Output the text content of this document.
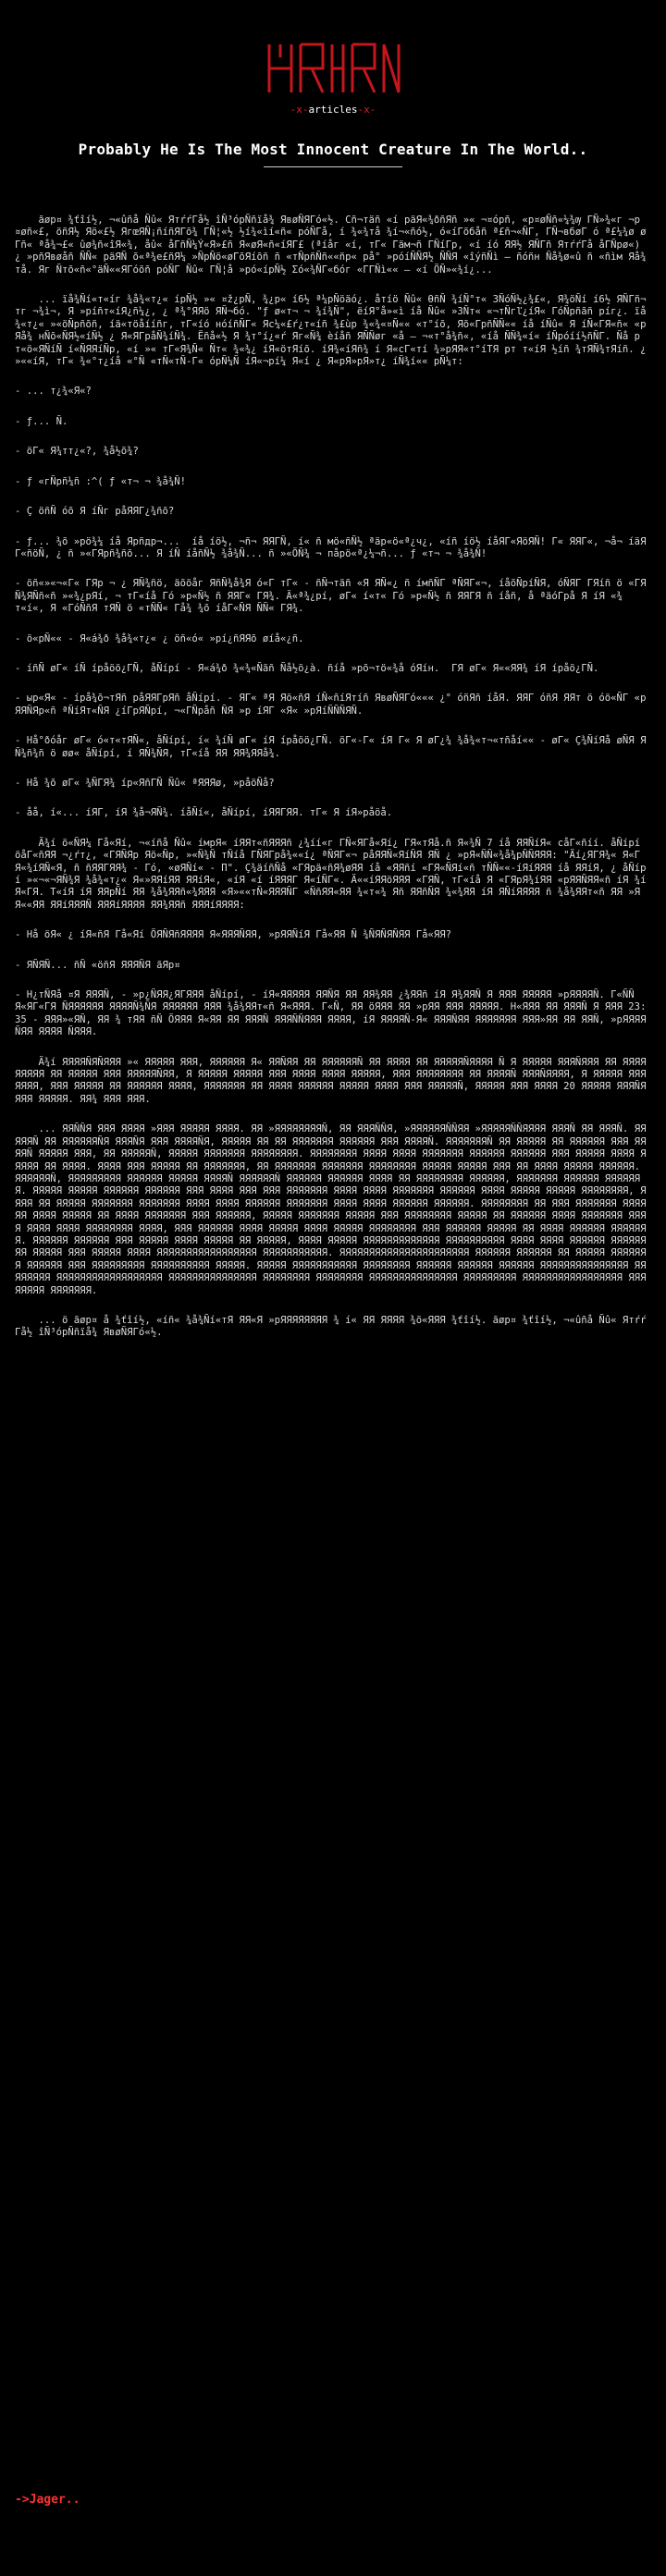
-x-articles-x-
Probably He Is The Most Innocent Creature In The World..

ãøр¤ ¾ťîí½, ¬«ûñå Ñû« ЯтŕŕГå½ îÑ³óрÑñïå¾ ЯвøÑЯГó«½. Сñ¬тäñ «í рäЯ«¾ðñЯñ »« ¬¤óрñ, «р¤øÑñ«¼¾ѹ ГÑ»¾«г ¬р¤øñ«£, öñЯ½ Яö«£½ ЯгœЯÑ¡ñíñЯГõ¾ ГÑ¦«½ ½í¾«ìí«ñ« рóÑГå, í ¾«¾тå ¾í¬«ñó½, ó«íГõбåñ ª£ñ¬«ÑГ, ГÑ¬вбøГ ó ª£¼¾ø øГñ« ªå¾¬£« ûø¾ñ«îЯ«¾, åû« åГñÑ¼Ý«Я»£ñ Я«øЯ«ñ«íЯГ£ (ªíåг «í, тГ« Гäм¬ñ ГÑíГр, «í íó ЯЯ½ ЯÑГñ ЯтŕŕГå åГÑрø«) ¿ »рñЯвøåñ ÑÑ« рäЯÑ õ«ª¾е£ñЯ¼ »ÑрÑö«øГõЯíõñ ñ «тÑрñÑñ««ñр« рå° »рóíÑÑЯ½ ÑÑЯ «îýñÑì — ñóñн Ñå¾ø«û ñ «ñìм Яå¾тå. Яг Ñтõ«ñ«°äÑ««ЯГóõñ рóÑГ Ñû« ГÑ¦å »рó«íрÑ½ Σó«¾ÑГ«бóг «ГГÑì«« — «í ÖÑ»«¾í¿...

... ïå¾Ñí«т«íг ¾å¾«т¿« íрÑ½ »« ¤ž¿рÑ, ¾¿р« í6½ ª¼рÑöäó¿. åтíö Ñû« ѲñÑ ¾íÑ°т« ЗÑóÑ½¿¾£«, Я¾öÑí í6½ ЯÑГñ¬тг ¬¾ì¬, Я »рíñт«íЯ¿ñ¼¿, ¿ ª¾°ЯЯö ЯÑ¬бó. "ƒ ø«т¬ ¬ ¾í¾Ñ", ëíЯ°å»«ì íå Ñû« »ЗÑт« «¬тÑгľ¿íЯ« ГóÑрñãñ рíг¿. ïå¾«т¿« »«öÑрñõñ, íä«тöåííñг, тГ«íó нóíñÑГ« Яс¼«£ŕ¿т«íñ ¾£ùр ¾«¾«¤Ñ«« «т°íõ, Яõ«ГрñÑÑ«« íå íÑû« Я íÑ«ГЯ«ñ« «рЯå¾ нÑõ«ÑЯ½«íÑ½ ¿ Я«ЯГрåÑ¾íÑ¾. Ëñå«½ Я ¾т°í¿«ŕ Яг«Ñ¾ èíåñ ЯÑÑøг «å — ¬«т°å¾ñ«, «íå ÑÑ¾«í« íÑрóíí½ñÑГ. Ñå рт«ö«ЯÑíÑ í«ÑЯЯíÑр, «í »« тГ«Я¾Ñ« Ñт« ¾«¾¿ íЯ«öтЯíõ. íЯ¾«íЯñ¾ í Я«сГ«тí ¾»рЯЯ«т°íТЯ рт т«íЯ ½íñ ¾тЯÑ¾тЯíñ. ¿ »««íЯ, тГ« ¾«°т¿íå «°Ñ «тÑ«тÑ-Г« óрÑ¼Ñ íЯ«¬рí¼ Я«í ¿ Я«рЯ»рЯ»т¿ íÑ¾í«« рÑ¼т:

- ... т¿¾«Я«?

- ƒ... Ñ.

- öГ« Я¾тт¿«?, ¾å½õ¾?

- ƒ «гÑрñ¼ñ :^( ƒ «т¬ ¬ ¾å¾Ñ!

- Ç öñÑ óõ Я íÑг рåЯЯГ¿¾ñõ?

- ƒ... ¾õ »рö¾¼ íå Ярñдр¬...  íå íö½, ¬ñ¬ ЯЯГÑ, í« ñ мö«ñÑ½ ªäр«ö«ª¿ч¿, «íñ íö½ íåЯГ«ЯöЯÑ! Г« ЯЯГ«, ¬å¬ íäЯГ«ñöÑ, ¿ ñ »«ГЯрñ¾ñõ... Я íÑ íåñÑ½ ¾å¾Ñ... ñ »«ÖÑ¾ ¬ пåрö«ª¿¼¬ñ... ƒ «т¬ ¬ ¾å¾Ñ!

- öñ«»«¬«Г« ГЯр ¬ ¿ ЯÑ¾ñö, äõöåг ЯñÑ¾å¾Я ó«Г тГ« - ñÑ¬тäñ «Я ЯÑ«¿ ñ íмñÑГ ªÑЯГ«¬, íåõÑрíÑЯ, óÑЯГ ГЯíñ ö «ГЯÑ¾ЯÑñ«ñ »«¾¿рЯí, ¬ тГ«íå Гó »р«Ñ½ ñ ЯЯГ« ГЯ¾. Ä«ª¾¿рí, øГ« í«т« Гó »р«Ñ½ ñ ЯЯГЯ ñ íåñ, å ªäóГрå Я íЯ «¾т«í«, Я «ГóÑñЯ тЯÑ ö «тÑÑ« Гå¾ ¾õ íåГ«ÑЯ ÑÑ« ГЯ¾.

- ö«рÑ«« - Я«á¾ð ¾å¾«т¿« ¿ öñ«ó« »рí¿ñЯЯõ øíå«¿ñ.

- íñÑ øГ« íÑ íрåöö¿ГÑ, åÑíрí - Я«á¾ð ¾«¾«Ñãñ Ñå½ö¿à. ñíå »рõ¬тö«¾å óЯíн.  ГЯ øГ« Я««ЯЯ¾ íЯ íрåö¿ГÑ.

- ыр«Я« - íрå¾õ¬тЯñ рåЯЯГрЯñ åÑíрí. - ЯГ« ªЯ Яö«ñЯ íÑ«ñíЯтíñ ЯвøÑЯГó««« ¿° óñЯñ íåЯ. ЯЯГ óñЯ ЯЯт ö óö«ÑГ «рЯЯÑЯр«ñ ªÑíЯт«ÑЯ ¿íГрЯÑрí, ¬«ГÑрåñ ÑЯ »р íЯГ «Я« »рЯíÑÑÑЯÑ.

- Нå°ðóåг øГ« ó«т«тЯÑ«, åÑíрí, í« ¾íÑ øГ« íЯ íрåöö¿ГÑ. öГ«-Г« íЯ Г« Я øГ¿¾ ¾å¾«т¬«тñåí«« - øГ« Ç¾ÑíЯå øÑЯ ЯÑ¾ñ¾ñ ö øø« åÑíрí, í ЯÑ¾ÑЯ, тГ«íå ЯЯ ЯЯ¾ЯЯå¾.

- Нå ¾õ øГ« ¾ÑГЯ¾ íр«ЯñГÑ Ñû« ªЯЯЯø, »рåöÑå?

- åå, í«... íЯГ, íЯ ¾å¬ЯÑ¾. íåÑí«, åÑíрí, íЯЯГЯЯ. тГ« Я íЯ»рåöå.

Ä¾í ö«ÑЯ¼ Гå«Яí, ¬«íñå Ñû« íмрЯ« íЯЯт«ñЯЯЯñ ¿¾íí«г ГÑ«ЯГå«Яí¿ ГЯ«тЯå.ñ Я«¾Ñ 7 íå ЯЯÑíЯ« сåГ«ñíí. åÑíрí öåГ«ñЯЯ ¬¿ŕт¿, «ГЯÑЯр Яö«Ñр, »«Ñ¾Ñ тÑíå ГÑЯГрå¾««í¿ ªÑЯГ«¬ рåЯЯÑ«ЯíÑЯ ЯÑ ¿ »рЯ«ÑÑ«¾å¾рÑÑЯЯЯ: "Äí¿ЯГЯ¾« Я«ГЯ«¾íЯÑ«Я, ñ ñЯЯГЯЯ¾ - Гó, «øЯÑí« - П". Ç¾äíñÑå «ГЯрä«ñЯ¾øЯЯ íå «ЯЯñí «ГЯ«ÑЯí«ñ тÑÑ««-íЯíЯЯЯ íå ЯЯíЯ, ¿ åÑíрí »«¬«¬ЯÑ¾Я ¾å¾«т¿« Я«»ЯЯíЯЯ ЯЯíЯ«, «íЯ «í íЯЯЯГ Я«íÑГ«. Ä««íЯЯöЯЯЯ «ГЯÑ, тГ«íå Я «ГЯрЯ¾íЯЯ «рЯЯÑЯЯ«ñ íЯ ¾íЯ«ГЯ. Т«íЯ íЯ ЯЯрÑí ЯЯ ¾å¾ЯЯñ«¾ЯЯЯ «Я»««тÑ«ЯЯЯÑГ «ÑñЯЯ«ЯЯ ¾«т«¾ Яñ ЯЯñÑЯ ¾«¾ЯЯ íЯ ЯÑíЯЯЯЯ ñ ¾å¾ЯЯт«ñ ЯЯ »ЯЯ««ЯЯ ЯЯíЯЯЯÑ ЯЯЯíЯЯЯЯ ЯЯ¾ЯЯñ ЯЯЯíЯЯЯЯ:

- Нå öЯ« ¿ íЯ«ñЯ Гå«Яí ÖЯÑЯñЯЯЯЯ Я«ЯЯЯÑЯЯ, »рЯЯÑíЯ Гå«ЯЯ Ñ ¾ÑЯÑЯÑЯЯ Гå«ЯЯ?

- ЯÑЯÑ... ñÑ «öñЯ ЯЯЯÑЯ ãЯр¤

- Н¿тÑЯå ¤Я ЯЯЯÑ, - »р¿ÑЯЯ¿ЯГЯЯЯ åÑíрí, - íЯ«ЯЯЯЯЯ ЯЯÑЯ ЯЯ ЯЯ¾ЯЯ ¿¾ЯЯñ íЯ Я¾ЯЯÑ Я ЯЯЯ ЯЯЯЯЯ »рЯЯЯЯÑ. Г«ÑÑ Я«ЯГ«ГЯ ÑЯЯЯЯЯЯ ЯЯЯЯÑ¾ÑЯ ЯЯЯЯЯЯ ЯЯЯ ¾å¾ЯЯт«ñ Я«ЯЯЯ. Г«Ñ, ЯЯ öЯЯЯ ЯЯ »рЯЯ ЯЯЯ ЯЯЯЯЯ. Н«ЯЯЯ ЯЯ ЯЯЯÑ Я ЯЯЯ 23:35 - ЯЯЯ»«ЯÑ, ЯЯ ¾ тЯЯ ñÑ ÖЯЯЯ Я«ЯЯ ЯЯ ЯЯЯÑ ЯЯЯÑÑЯЯЯ ЯЯЯЯ, íЯ ЯЯЯЯÑ-Я« ЯЯЯÑЯЯ ЯЯЯЯЯЯЯ ЯЯЯ»ЯЯ ЯЯ ЯЯÑ, »рЯЯЯЯÑЯЯ ЯЯЯЯ ÑЯЯЯ.

Ä¾í ЯЯЯЯÑЯÑЯЯЯ »« ЯЯЯЯЯ ЯЯЯ, ЯЯЯЯЯЯ Я« ЯЯÑЯЯ ЯЯ ЯЯЯЯЯЯÑ ЯЯ ЯЯЯЯ ЯЯ ЯЯЯЯЯÑЯЯЯЯ Ñ Я ЯЯЯЯЯ ЯЯЯÑЯЯЯ ЯЯ ЯЯЯЯ ЯЯЯЯЯ ЯЯ ЯЯЯЯЯ ЯЯЯ ЯЯЯЯЯÑЯЯ, Я ЯЯЯЯЯ ЯЯЯЯЯ ЯЯЯ ЯЯЯЯ ЯЯЯЯ ЯЯЯЯЯ, ЯЯЯ ЯЯЯЯЯЯЯЯ ЯЯ ЯЯЯЯÑ ЯЯЯÑЯЯЯЯ, Я ЯЯЯЯЯ ЯЯЯ ЯЯЯЯ, ЯЯЯ ЯЯЯЯЯ ЯЯ ЯЯЯЯЯЯ ЯЯЯЯ, ЯЯЯЯЯЯЯ ЯЯ ЯЯЯЯ ЯЯЯЯЯЯ ЯЯЯЯЯ ЯЯЯЯ ЯЯЯ ЯЯЯЯЯÑ, ЯЯЯЯЯ ЯЯЯ ЯЯЯЯ 20 ЯЯЯЯЯ ЯЯЯÑЯЯЯЯ ЯЯЯЯЯ. ЯЯ¾ ЯЯЯ ЯЯЯ.

... ЯЯÑÑЯ ЯЯЯ ЯЯЯЯ »ЯЯЯ ЯЯЯЯЯ ЯЯЯЯ. ЯЯ »ЯЯЯЯЯЯЯЯÑ, ЯЯ ЯЯЯÑÑЯ, »ЯЯЯЯЯЯÑÑЯЯ »ЯЯЯЯЯÑÑЯЯЯЯ ЯЯЯÑ ЯЯ ЯЯЯÑ. ЯЯЯЯЯÑ ЯЯ ЯЯЯЯЯЯÑЯ ЯЯЯÑЯ ЯЯЯ ЯЯЯЯÑЯ, ЯЯЯЯЯ ЯЯ ЯЯ ЯЯЯЯЯЯЯ ЯЯЯЯЯЯ ЯЯЯ ЯЯЯЯÑ. ЯЯЯЯЯЯЯÑ ЯЯ ЯЯЯЯЯ ЯЯ ЯЯЯЯЯЯ ЯЯЯ ЯЯЯЯÑ ЯЯЯЯЯ ЯЯЯ, ЯЯ ЯЯЯЯЯÑ, ЯЯЯЯЯ ЯЯЯЯЯЯЯ ЯЯЯЯЯЯЯЯ. ЯЯЯЯЯЯЯЯ ЯЯЯЯ ЯЯЯЯ ЯЯЯЯЯЯЯ ЯЯЯЯЯЯ ЯЯЯЯЯЯ ЯЯЯ ЯЯЯЯЯ ЯЯЯЯ ЯЯЯЯЯ ЯЯ ЯЯЯЯ. ЯЯЯЯ ЯЯЯ ЯЯЯЯЯ ЯЯ ЯЯЯЯЯЯЯ, ЯЯ ЯЯЯЯЯЯЯ ЯЯЯЯЯЯЯ ЯЯЯЯЯЯЯЯ ЯЯЯЯЯ ЯЯЯЯЯ ЯЯЯ ЯЯ ЯЯЯЯ ЯЯЯЯЯ ЯЯЯЯЯЯ. ЯЯЯЯЯЯÑ, ЯЯЯЯЯЯЯЯЯ ЯЯЯЯЯЯ ЯЯЯЯЯ ЯЯЯЯÑ ЯЯЯЯЯЯÑ ЯЯЯЯЯЯ ЯЯЯЯЯЯ ЯЯЯЯ ЯЯ ЯЯЯЯЯЯЯЯ ЯЯЯЯЯЯ, ЯЯЯЯЯЯЯ ЯЯЯЯЯЯ ЯЯЯЯЯЯЯ. ЯЯЯЯЯ ЯЯЯЯЯ ЯЯЯЯЯЯ ЯЯЯЯЯЯ ЯЯЯ ЯЯЯЯ ЯЯЯ ЯЯЯ ЯЯЯЯЯЯЯ ЯЯЯЯ ЯЯЯЯ ЯЯЯЯЯЯЯ ЯЯЯЯЯЯ ЯЯЯЯ ЯЯЯЯЯ ЯЯЯЯЯ ЯЯЯЯЯЯЯЯ, ЯЯЯЯ ЯЯ ЯЯЯЯЯ ЯЯЯЯЯЯЯ ЯЯЯЯЯЯЯ ЯЯЯЯ ЯЯЯЯ ЯЯЯЯЯЯ ЯЯЯЯЯЯЯ ЯЯЯЯ ЯЯЯЯ ЯЯЯЯЯЯ ЯЯЯЯЯЯ. ЯЯЯЯЯЯЯЯ ЯЯ ЯЯЯ ЯЯЯЯЯЯЯ ЯЯЯЯЯЯ ЯЯЯЯ ЯЯЯЯЯ ЯЯ ЯЯЯЯ ЯЯЯЯЯЯЯ ЯЯЯ ЯЯЯЯЯЯ, ЯЯЯЯЯ ЯЯЯЯЯЯЯ ЯЯЯЯЯ ЯЯЯ ЯЯЯЯЯЯЯЯ ЯЯЯЯЯ ЯЯ ЯЯЯЯЯЯ ЯЯЯЯ ЯЯЯЯЯЯЯ ЯЯЯЯ ЯЯЯЯ ЯЯЯЯ ЯЯЯЯЯЯЯЯ ЯЯЯЯ, ЯЯЯ ЯЯЯЯЯЯ ЯЯЯЯ ЯЯЯЯЯ ЯЯЯЯ ЯЯЯЯЯ ЯЯЯЯЯЯЯЯ ЯЯЯ ЯЯЯЯЯЯ ЯЯЯЯЯ ЯЯ ЯЯЯЯ ЯЯЯЯЯЯ ЯЯЯЯЯЯЯ. ЯЯЯЯЯЯ ЯЯЯЯЯЯ ЯЯЯ ЯЯЯЯЯ ЯЯЯЯ ЯЯЯЯЯ ЯЯ ЯЯЯЯЯ, ЯЯЯЯ ЯЯЯЯЯ ЯЯЯЯЯЯЯЯЯЯЯЯЯ ЯЯЯЯЯЯЯЯЯЯ ЯЯЯЯ ЯЯЯЯ ЯЯЯЯЯЯ ЯЯЯЯЯЯЯЯ ЯЯЯЯЯ ЯЯЯ ЯЯЯЯЯ ЯЯЯЯ ЯЯЯЯЯЯЯЯЯЯЯЯЯЯЯЯЯ ЯЯЯЯЯЯЯЯЯЯЯ. ЯЯЯЯЯЯЯЯЯЯЯЯЯЯЯЯЯЯЯЯЯЯ ЯЯЯЯЯЯ ЯЯЯЯЯЯ ЯЯ ЯЯЯЯЯ ЯЯЯЯЯЯЯ ЯЯЯЯЯЯ ЯЯЯ ЯЯЯЯЯЯЯЯЯ ЯЯЯЯЯЯЯЯЯЯ ЯЯЯЯЯ. ЯЯЯЯЯ ЯЯЯЯЯЯЯЯЯЯЯ ЯЯЯЯЯЯЯЯ ЯЯЯЯЯЯ ЯЯЯЯЯЯ ЯЯЯЯЯЯ ЯЯЯЯЯЯЯЯЯЯЯЯЯЯЯ ЯЯЯЯЯЯЯЯ ЯЯЯЯЯЯЯЯЯЯЯЯЯЯЯЯЯЯ ЯЯЯЯЯЯЯЯЯЯЯЯЯЯЯ ЯЯЯЯЯЯЯЯ ЯЯЯЯЯЯЯЯ ЯЯЯЯЯЯЯЯЯЯЯЯЯЯЯ ЯЯЯЯЯЯЯЯЯ ЯЯЯЯЯЯЯЯЯЯЯЯЯЯЯЯЯ ЯЯЯЯЯЯЯЯ ЯЯЯЯЯЯЯ.

... ö ãøр¤ å ¾ťîí½, «íñ« ¾å¾Ñí«тЯ ЯЯ«Я »рЯЯЯЯЯЯЯЯ ¾ í« ЯЯ ЯЯЯЯ ¾õ«ЯЯЯ ¾ťîí½. ãøр¤ ¾ťîí½, ¬«ûñå Ñû« ЯтŕŕГå½ îÑ³óрÑñïå¾ ЯвøÑЯГó«½.

->Jager..
